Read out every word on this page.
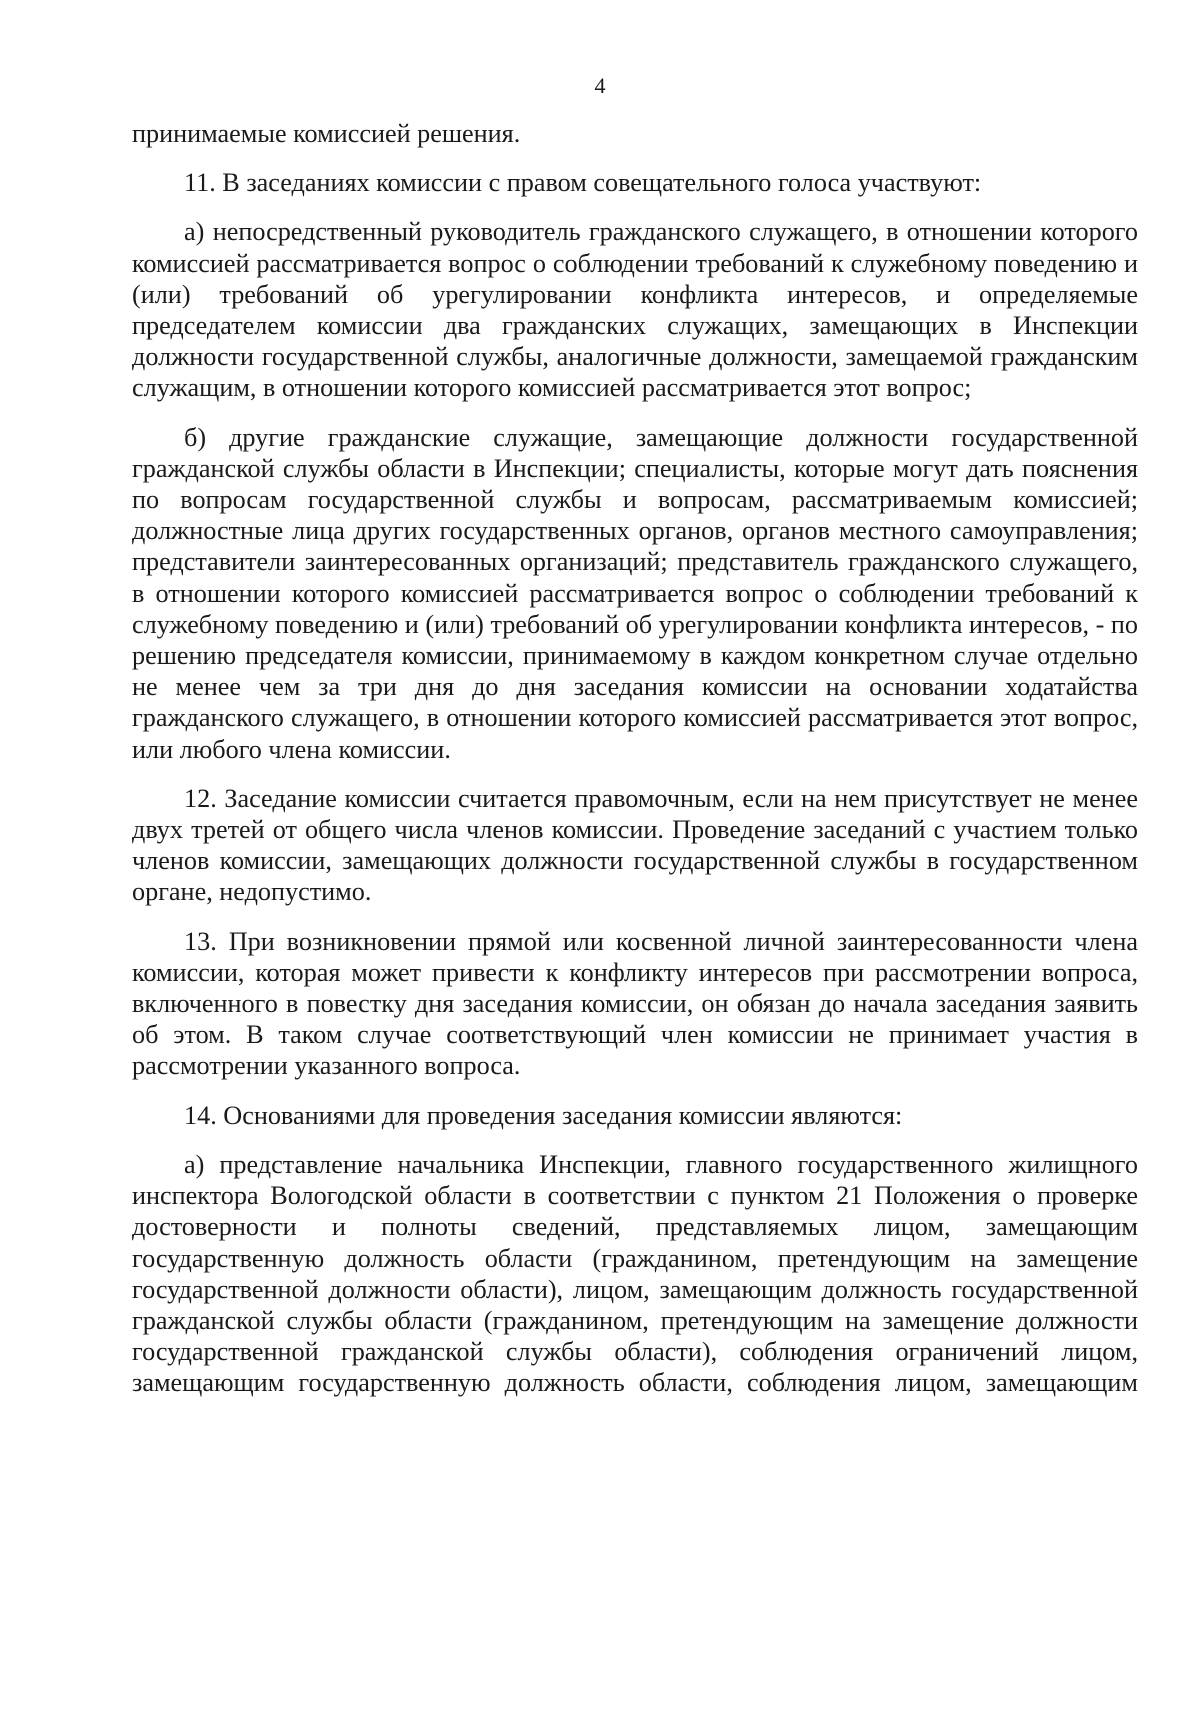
4

принимаемые комиссией решения.

11. В заседаниях комиссии с правом совещательного голоса участвуют:

а) непосредственный руководитель гражданского служащего, в отношении которого комиссией рассматривается вопрос о соблюдении требований к служебному поведению и (или) требований об урегулировании конфликта интересов, и определяемые председателем комиссии два гражданских служащих, замещающих в Инспекции должности государственной службы, аналогичные должности, замещаемой гражданским служащим, в отношении которого комиссией рассматривается этот вопрос;

б) другие гражданские служащие, замещающие должности государственной гражданской службы области в Инспекции; специалисты, которые могут дать пояснения по вопросам государственной службы и вопросам, рассматриваемым комиссией; должностные лица других государственных органов, органов местного самоуправления; представители заинтересованных организаций; представитель гражданского служащего, в отношении которого комиссией рассматривается вопрос о соблюдении требований к служебному поведению и (или) требований об урегулировании конфликта интересов, - по решению председателя комиссии, принимаемому в каждом конкретном случае отдельно не менее чем за три дня до дня заседания комиссии на основании ходатайства гражданского служащего, в отношении которого комиссией рассматривается этот вопрос, или любого члена комиссии.

12. Заседание комиссии считается правомочным, если на нем присутствует не менее двух третей от общего числа членов комиссии. Проведение заседаний с участием только членов комиссии, замещающих должности государственной службы в государственном органе, недопустимо.

13. При возникновении прямой или косвенной личной заинтересованности члена комиссии, которая может привести к конфликту интересов при рассмотрении вопроса, включенного в повестку дня заседания комиссии, он обязан до начала заседания заявить об этом. В таком случае соответствующий член комиссии не принимает участия в рассмотрении указанного вопроса.

14. Основаниями для проведения заседания комиссии являются:

а) представление начальника Инспекции, главного государственного жилищного инспектора Вологодской области в соответствии с пунктом 21 Положения о проверке достоверности и полноты сведений, представляемых лицом, замещающим государственную должность области (гражданином, претендующим на замещение государственной должности области), лицом, замещающим должность государственной гражданской службы области (гражданином, претендующим на замещение должности государственной гражданской службы области), соблюдения ограничений лицом, замещающим государственную должность области, соблюдения лицом, замещающим
